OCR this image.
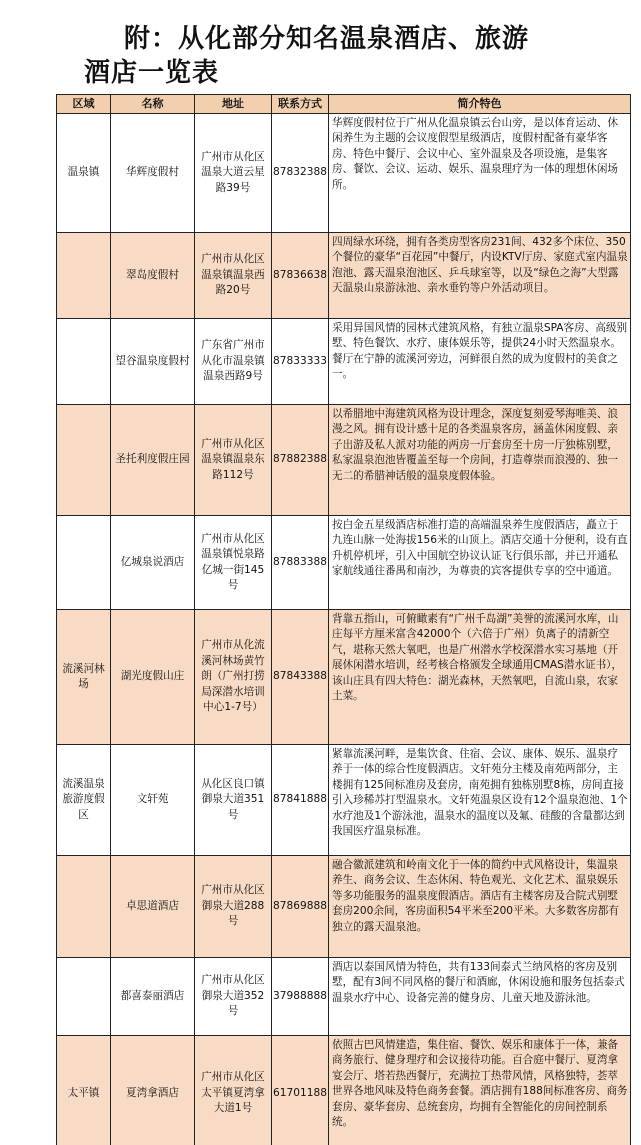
附：从化部分知名温泉酒店、旅游
酒店一览表
区域	名称	地址	联系方式	简介特色
温泉镇	华辉度假村	广州市从化区温泉大道云星路39号	87832388	华辉度假村位于广州从化温泉镇云台山旁，是以体育运动、休闲养生为主题的会议度假型星级酒店，度假村配备有豪华客房、特色中餐厅、会议中心、室外温泉及各项设施，是集客房、餐饮、会议、运动、娱乐、温泉理疗为一体的理想休闲场所。
	翠岛度假村	广州市从化区温泉镇温泉西路20号	87836638	四周绿水环绕，拥有各类房型客房231间、432多个床位、350个餐位的豪华“百花园”中餐厅，内设KTV厅房、家庭式室内温泉泡池、露天温泉泡池区、乒乓球室等，以及“绿色之海”大型露天温泉山泉游泳池、亲水垂钓等户外活动项目。
	望谷温泉度假村	广东省广州市从化市温泉镇温泉西路9号	87833333	采用异国风情的园林式建筑风格，有独立温泉SPA客房、高级别墅、特色餐饮、水疗、康体娱乐等，提供24小时天然温泉水。餐厅在宁静的流溪河旁边，河鲜很自然的成为度假村的美食之一。
	圣托利度假庄园	广州市从化区温泉镇温泉东路112号	87882388	以希腊地中海建筑风格为设计理念，深度复刻爱琴海唯美、浪漫之风。拥有设计感十足的各类温泉客房，涵盖休闲度假、亲子出游及私人派对功能的两房一厅套房至十房一厅独栋别墅，私家温泉泡池皆覆盖至每一个房间，打造尊崇而浪漫的、独一无二的希腊神话般的温泉度假体验。
	亿城泉说酒店	广州市从化区温泉镇悦泉路亿城一街145号	87883388	按白金五星级酒店标准打造的高端温泉养生度假酒店，矗立于九连山脉一处海拔156米的山顶上。酒店交通十分便利，设有直升机停机坪，引入中国航空协议认证飞行俱乐部，并已开通私家航线通往番禺和南沙，为尊贵的宾客提供专享的空中通道。
流溪河林场	湖光度假山庄	广州市从化流溪河林场黄竹朗（广州打捞局深潜水培训中心1-7号）	87843388	背靠五指山，可俯瞰素有“广州千岛湖”美誉的流溪河水库，山庄每平方厘米富含42000个（六倍于广州）负离子的清新空气，堪称天然大氧吧，也是广州潜水学校深潜水实习基地（开展休闲潜水培训，经考核合格颁发全球通用CMAS潜水证书），该山庄具有四大特色：湖光森林，天然氧吧，自流山泉，农家土菜。
流溪温泉旅游度假区	文轩苑	从化区良口镇御泉大道351号	87841888	紧靠流溪河畔，是集饮食、住宿、会议、康体、娱乐、温泉疗养于一体的综合性度假酒店。文轩苑分主楼及南苑两部分，主楼拥有125间标准房及套房，南苑拥有独栋别墅8栋，房间直接引入珍稀苏打型温泉水。文轩苑温泉区设有12个温泉泡池、1个水疗池及1个游泳池，温泉水的温度以及氟、硅酸的含量都达到我国医疗温泉标准。
	卓思道酒店	广州市从化区御泉大道288号	87869888	融合徽派建筑和岭南文化于一体的简约中式风格设计，集温泉养生、商务会议、生态休闲、特色观光、文化艺术、温泉娱乐等多功能服务的温泉度假酒店。酒店有主楼客房及合院式别墅套房200余间，客房面积54平米至200平米。大多数客房都有独立的露天温泉池。
	都喜泰丽酒店	广州市从化区御泉大道352号	37988888	酒店以泰国风情为特色，共有133间泰式兰纳风格的客房及别墅，配有3间不同风格的餐厅和酒廊，休闲设施和服务包括泰式温泉水疗中心、设备完善的健身房、儿童天地及游泳池。
太平镇	夏湾拿酒店	广州市从化区太平镇夏湾拿大道1号	61701188	依照古巴风情建造，集住宿、餐饮、娱乐和康体于一体，兼备商务旅行、健身理疗和会议接待功能。百合庭中餐厅、夏湾拿宴会厅、塔若热西餐厅，充满拉丁热带风情，风格独特，荟萃世界各地风味及特色商务套餐。酒店拥有188间标准客房、商务套房、豪华套房、总统套房，均拥有全智能化的房间控制系统。
